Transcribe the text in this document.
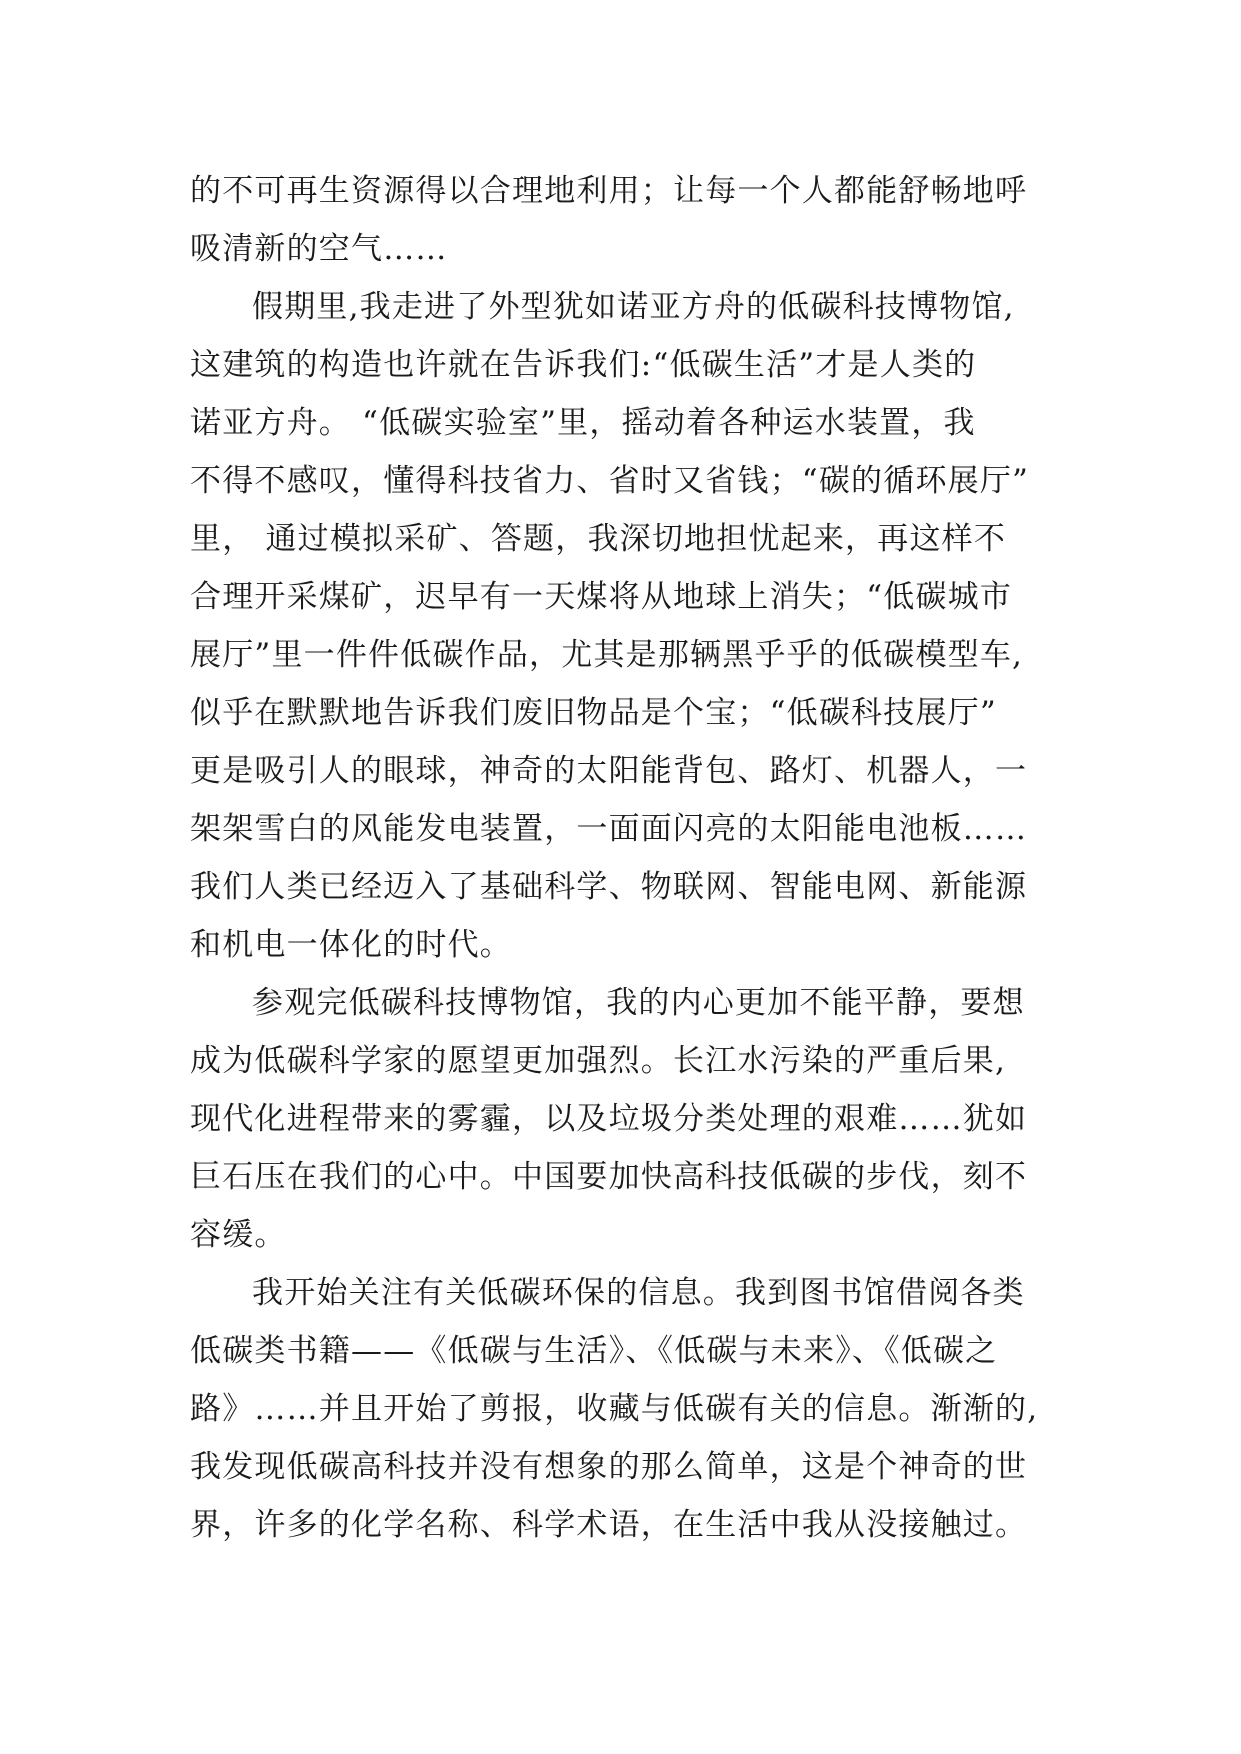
的不可再生资源得以合理地利用；让每一个人都能舒畅地呼
吸清新的空气……
假期里,我走进了外型犹如诺亚方舟的低碳科技博物馆,
这建筑的构造也许就在告诉我们:“低碳生活”才是人类的
诺亚方舟。 “低碳实验室”里，摇动着各种运水装置，我
不得不感叹，懂得科技省力、省时又省钱；“碳的循环展厅”
里， 通过模拟采矿、答题，我深切地担忧起来，再这样不
合理开采煤矿，迟早有一天煤将从地球上消失；“低碳城市
展厅”里一件件低碳作品，尤其是那辆黑乎乎的低碳模型车,
似乎在默默地告诉我们废旧物品是个宝；“低碳科技展厅”
更是吸引人的眼球，神奇的太阳能背包、路灯、机器人，一
架架雪白的风能发电装置，一面面闪亮的太阳能电池板……
我们人类已经迈入了基础科学、物联网、智能电网、新能源
和机电一体化的时代。
参观完低碳科技博物馆，我的内心更加不能平静，要想
成为低碳科学家的愿望更加强烈。长江水污染的严重后果,
现代化进程带来的雾霾，以及垃圾分类处理的艰难……犹如
巨石压在我们的心中。中国要加快高科技低碳的步伐，刻不
容缓。
我开始关注有关低碳环保的信息。我到图书馆借阅各类
低碳类书籍——《低碳与生活》、《低碳与未来》、《低碳之
路》……并且开始了剪报，收藏与低碳有关的信息。渐渐的,
我发现低碳高科技并没有想象的那么简单，这是个神奇的世
界，许多的化学名称、科学术语，在生活中我从没接触过。
